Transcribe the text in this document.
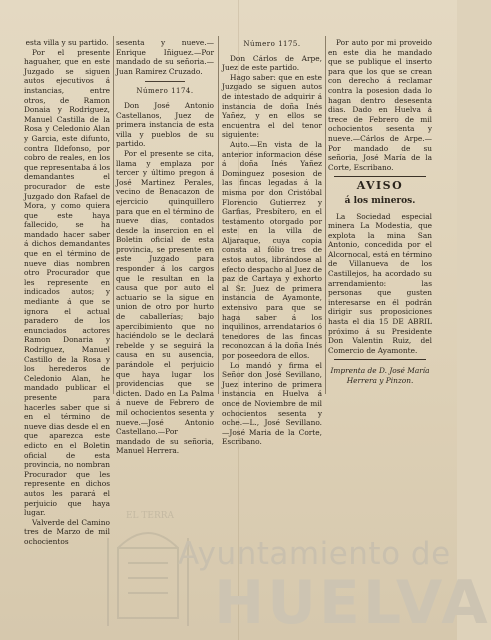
esta villa y su partido.

Por el presente haguaher, que en este Juzgado se siguen autos ejecutivos á instancias, entre otros, de Ramon Donaia y Rodriguez, Manuel Castilla de la Rosa y Celedonio Alan y Garcia, este difunto, contra Ildefonso, por cobro de reales, en los que representaba á los demandantes el procurador de este Juzgado don Rafael de Mora, y como quiera que este haya fallecido, se ha mandado hacer saber á dichos demandantes que en el término de nueve dias nombren otro Procurador que les represente en indicados autos; y mediante á que se ignora el actual paradero de los enunciados actores Ramon Donaria y Rodriguez, Manuel Castillo de la Rosa y los herederos de Celedonio Alan, he mandado publicar el presente para hacerles saber que si en el término de nueve dias desde el en que aparezca este edicto en el Boletin oficial de esta provincia, no nombran Procurador que les represente en dichos autos les parará el perjuicio que haya lugar.

Valverde del Camino tres de Marzo de mil ochocientos

sesenta y nueve.—Enrique Iñiguez.—Por mandado de su señoria.—Juan Ramirez Cruzado.

Número 1174.

Don José Antonio Castellanos, Juez de primera instancia de esta villa y pueblos de su partido.

Por el presente se cita, llama y emplaza por tercer y último pregon á José Martinez Perales, vecino de Benacazon de ejercicio quinquillero para que en el término de nueve dias, contados desde la insercion en el Boletin oficial de esta provincia, se presente en este Juzgado para responder á los cargos que le resultan en la causa que por auto el actuario se la sigue en union de otro por hurto de caballerías; bajo apercibimiento que no haciéndolo se le declará rebelde y se seguirá la causa en su ausencia, parándole el perjuicio que haya lugar los providencias que se dicten. Dado en La Palma á nueve de Febrero de mil ochocientos sesenta y nueve.—José Antonio Castellano.—Por mandado de su señoria, Manuel Herrera.

Número 1175.

Don Cárlos de Arpe, Juez de este partido.

Hago saber: que en este Juzgado se siguen autos de intestado de adquirir á instancia de doña Inés Yañez, y en ellos se encuentra el del tenor siguiente:

Auto.—En vista de la anterior informacion dése á doña Inés Yañez Dominguez posesion de las fincas legadas á la misma por don Cristóbal Florencio Gutierrez y Garfias, Presbítero, en el testamento otorgado por este en la villa de Aljaraque, cuya copia consta al fólio tres de estos autos, librándose al efecto despacho al Juez de paz de Cartaya y exhorto al Sr. Juez de primera instancia de Ayamonte, extensivo para que se haga saber á los inquilinos, arrendatarios ó tenedores de las fincas reconozcan á la doña Inés por poseedora de ellos.

Lo mandó y firma el Señor don José Sevillano, Juez interino de primera instancia en Huelva á once de Noviembre de mil ochocientos sesenta y oche.—L., José Sevillano.—José Maria de la Corte, Escribano.

Por auto por mi proveido en este dia he mandado que se publique el inserto para que los que se crean con derecho á reclamar contra la posesion dada lo hagan dentro desesenta dias. Dado en Huelva á trece de Febrero de mil ochocientos sesenta y nueve.—Cárlos de Arpe.—Por mandado de su señoria, José María de la Corte, Escribano.

AVISO

á los mineros.

La Sociedad especial minera La Modestia, que explota la mina San Antonio, concedida por el Alcornocal, está en término de Villanueva de los Castillejos, ha acordado su arrendamiento: las personas que gusten interesarse en él podrán dirigir sus proposiciones hasta el dia 15 DE ABRIL próximo á su Presidente Don Valentin Ruiz, del Comercio de Ayamonte.

Imprenta de D. José María Herrera y Pinzon.

EL TERRA
Ayuntamiento de
HUELVA
